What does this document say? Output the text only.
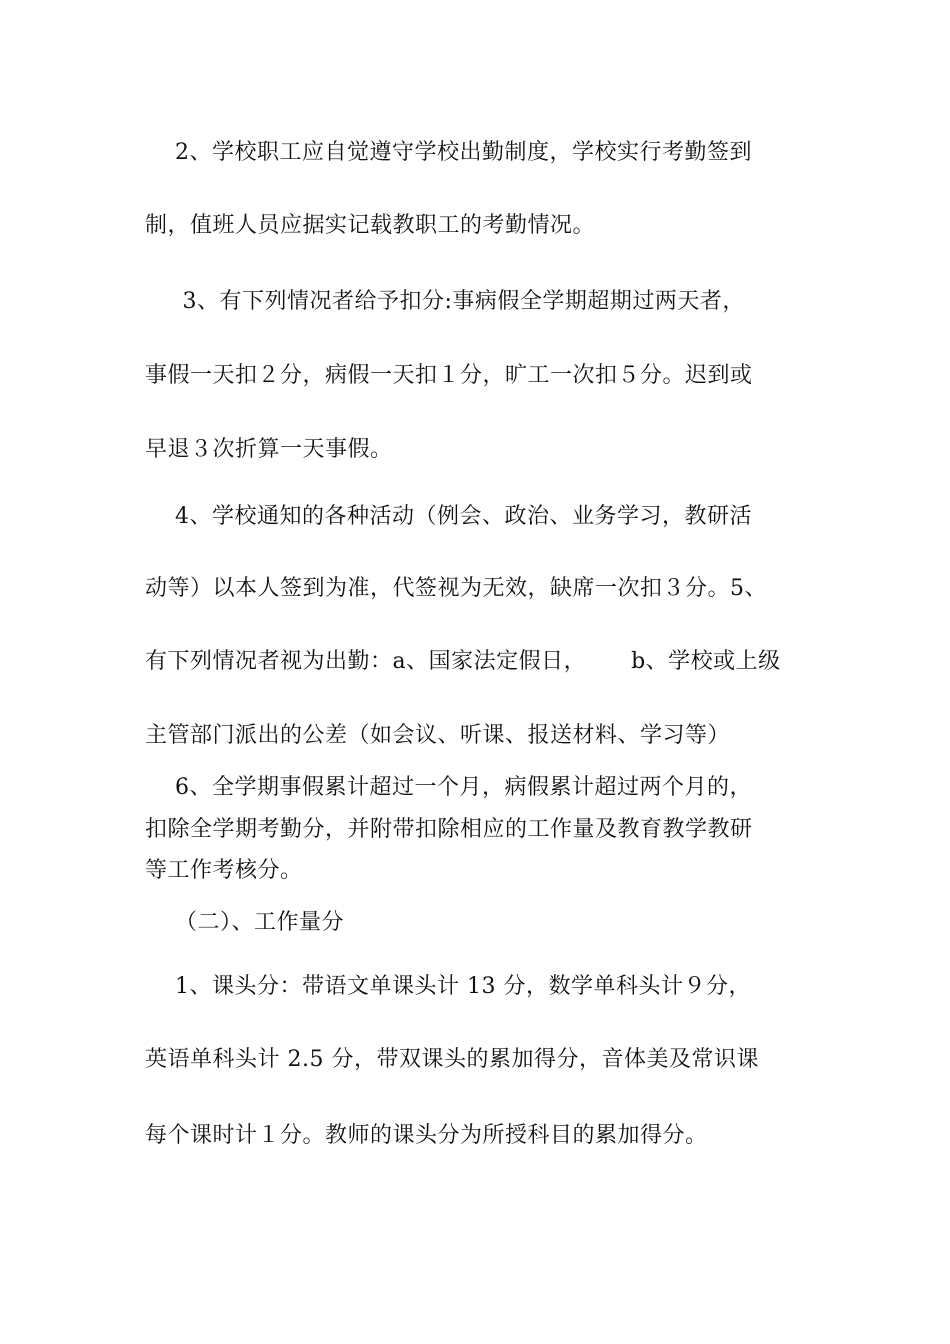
2、学校职工应自觉遵守学校出勤制度，学校实行考勤签到
制，值班人员应据实记载教职工的考勤情况。
3、有下列情况者给予扣分:事病假全学期超期过两天者，
事假一天扣２分，病假一天扣１分，旷工一次扣５分。迟到或
早退３次折算一天事假。
4、学校通知的各种活动（例会、政治、业务学习，教研活
动等）以本人签到为准，代签视为无效，缺席一次扣３分。5、
有下列情况者视为出勤：a、国家法定假日，      b、学校或上级
主管部门派出的公差（如会议、听课、报送材料、学习等）
6、全学期事假累计超过一个月，病假累计超过两个月的，
扣除全学期考勤分，并附带扣除相应的工作量及教育教学教研
等工作考核分。
（二）、工作量分
1、课头分：带语文单课头计 13 分，数学单科头计９分，
英语单科头计 2.5 分，带双课头的累加得分，音体美及常识课
每个课时计１分。教师的课头分为所授科目的累加得分。
